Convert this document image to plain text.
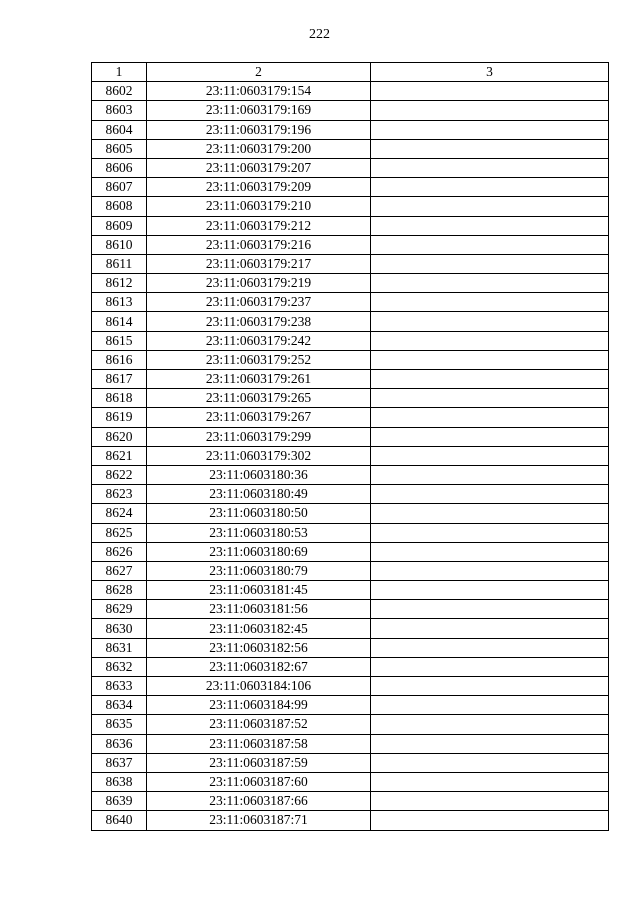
222
1	2	3
8602	23:11:0603179:154	
8603	23:11:0603179:169	
8604	23:11:0603179:196	
8605	23:11:0603179:200	
8606	23:11:0603179:207	
8607	23:11:0603179:209	
8608	23:11:0603179:210	
8609	23:11:0603179:212	
8610	23:11:0603179:216	
8611	23:11:0603179:217	
8612	23:11:0603179:219	
8613	23:11:0603179:237	
8614	23:11:0603179:238	
8615	23:11:0603179:242	
8616	23:11:0603179:252	
8617	23:11:0603179:261	
8618	23:11:0603179:265	
8619	23:11:0603179:267	
8620	23:11:0603179:299	
8621	23:11:0603179:302	
8622	23:11:0603180:36	
8623	23:11:0603180:49	
8624	23:11:0603180:50	
8625	23:11:0603180:53	
8626	23:11:0603180:69	
8627	23:11:0603180:79	
8628	23:11:0603181:45	
8629	23:11:0603181:56	
8630	23:11:0603182:45	
8631	23:11:0603182:56	
8632	23:11:0603182:67	
8633	23:11:0603184:106	
8634	23:11:0603184:99	
8635	23:11:0603187:52	
8636	23:11:0603187:58	
8637	23:11:0603187:59	
8638	23:11:0603187:60	
8639	23:11:0603187:66	
8640	23:11:0603187:71	
